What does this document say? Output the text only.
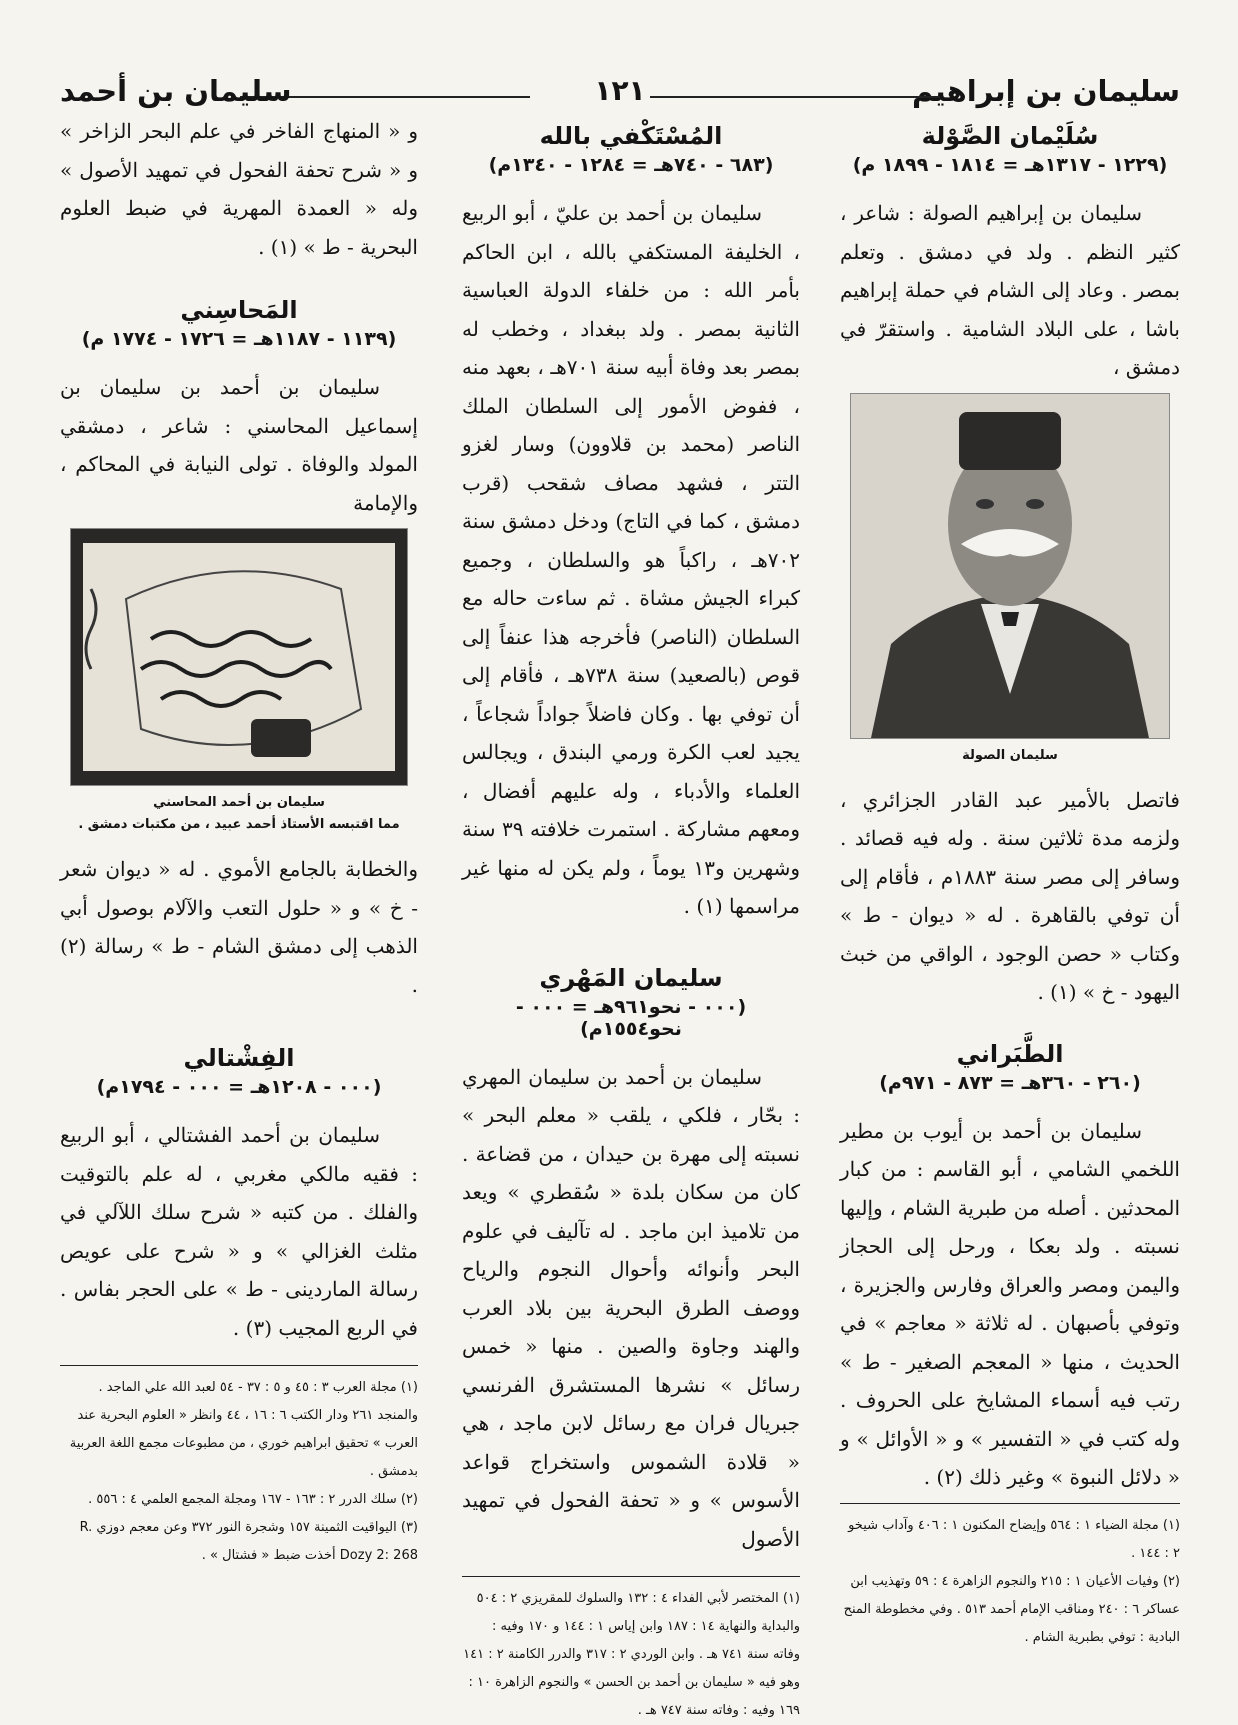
سليمان بن إبراهيم
١٢١
سليمان بن أحمد
سُلَيْمان الصَّوْلة
(١٢٢٩ - ١٣١٧هـ = ١٨١٤ - ١٨٩٩ م)

سليمان بن إبراهيم الصولة : شاعر ، كثير النظم . ولد في دمشق . وتعلم بمصر . وعاد إلى الشام في حملة إبراهيم باشا ، على البلاد الشامية . واستقرّ في دمشق ،

سليمان الصولة

فاتصل بالأمير عبد القادر الجزائري ، ولزمه مدة ثلاثين سنة . وله فيه قصائد . وسافر إلى مصر سنة ١٨٨٣م ، فأقام إلى أن توفي بالقاهرة . له « ديوان - ط » وكتاب « حصن الوجود ، الواقي من خبث اليهود - خ » (١) .

الطَّبَراني
(٢٦٠ - ٣٦٠هـ = ٨٧٣ - ٩٧١م)

سليمان بن أحمد بن أيوب بن مطير اللخمي الشامي ، أبو القاسم : من كبار المحدثين . أصله من طبرية الشام ، وإليها نسبته . ولد بعكا ، ورحل إلى الحجاز واليمن ومصر والعراق وفارس والجزيرة ، وتوفي بأصبهان . له ثلاثة « معاجم » في الحديث ، منها « المعجم الصغير - ط » رتب فيه أسماء المشايخ على الحروف . وله كتب في « التفسير » و « الأوائل » و « دلائل النبوة » وغير ذلك (٢) .

(١) مجلة الضياء ١ : ٥٦٤ وإيضاح المكنون ١ : ٤٠٦ وآداب شيخو ٢ : ١٤٤ .

(٢) وفيات الأعيان ١ : ٢١٥ والنجوم الزاهرة ٤ : ٥٩ وتهذيب ابن عساكر ٦ : ٢٤٠ ومناقب الإمام أحمد ٥١٣ . وفي مخطوطة المنح البادية : توفي بطبرية الشام .

المُسْتَكْفي بالله
(٦٨٣ - ٧٤٠هـ = ١٢٨٤ - ١٣٤٠م)

سليمان بن أحمد بن عليّ ، أبو الربيع ، الخليفة المستكفي بالله ، ابن الحاكم بأمر الله : من خلفاء الدولة العباسية الثانية بمصر . ولد ببغداد ، وخطب له بمصر بعد وفاة أبيه سنة ٧٠١هـ ، بعهد منه ، ففوض الأمور إلى السلطان الملك الناصر (محمد بن قلاوون) وسار لغزو التتر ، فشهد مصاف شقحب (قرب دمشق ، كما في التاج) ودخل دمشق سنة ٧٠٢هـ ، راكباً هو والسلطان ، وجميع كبراء الجيش مشاة . ثم ساءت حاله مع السلطان (الناصر) فأخرجه هذا عنفاً إلى قوص (بالصعيد) سنة ٧٣٨هـ ، فأقام إلى أن توفي بها . وكان فاضلاً جواداً شجاعاً ، يجيد لعب الكرة ورمي البندق ، ويجالس العلماء والأدباء ، وله عليهم أفضال ، ومعهم مشاركة . استمرت خلافته ٣٩ سنة وشهرين و١٣ يوماً ، ولم يكن له منها غير مراسمها (١) .

سليمان المَهْري
(٠٠٠ - نحو٩٦١هـ = ٠٠٠ - نحو١٥٥٤م)

سليمان بن أحمد بن سليمان المهري : بحّار ، فلكي ، يلقب « معلم البحر » نسبته إلى مهرة بن حيدان ، من قضاعة . كان من سكان بلدة « سُقطري » ويعد من تلاميذ ابن ماجد . له تآليف في علوم البحر وأنوائه وأحوال النجوم والرياح ووصف الطرق البحرية بين بلاد العرب والهند وجاوة والصين . منها « خمس رسائل » نشرها المستشرق الفرنسي جبريال فران مع رسائل لابن ماجد ، هي « قلادة الشموس واستخراج قواعد الأسوس » و « تحفة الفحول في تمهيد الأصول

(١) المختصر لأبي الفداء ٤ : ١٣٢ والسلوك للمقريزي ٢ : ٥٠٤ والبداية والنهاية ١٤ : ١٨٧ وابن إياس ١ : ١٤٤ و ١٧٠ وفيه : وفاته سنة ٧٤١ هـ . وابن الوردي ٢ : ٣١٧ والدرر الكامنة ٢ : ١٤١ وهو فيه « سليمان بن أحمد بن الحسن » والنجوم الزاهرة ١٠ : ١٦٩ وفيه : وفاته سنة ٧٤٧ هـ .

و « المنهاج الفاخر في علم البحر الزاخر » و « شرح تحفة الفحول في تمهيد الأصول » وله « العمدة المهرية في ضبط العلوم البحرية - ط » (١) .

المَحاسِني
(١١٣٩ - ١١٨٧هـ = ١٧٢٦ - ١٧٧٤ م)

سليمان بن أحمد بن سليمان بن إسماعيل المحاسني : شاعر ، دمشقي المولد والوفاة . تولى النيابة في المحاكم ، والإمامة

سليمان بن أحمد المحاسني
مما اقتبسه الأستاذ أحمد عبيد ، من مكتبات دمشق .

والخطابة بالجامع الأموي . له « ديوان شعر - خ » و « حلول التعب والآلام بوصول أبي الذهب إلى دمشق الشام - ط » رسالة (٢) .

الفِشْتالي
(٠٠٠ - ١٢٠٨هـ = ٠٠٠ - ١٧٩٤م)

سليمان بن أحمد الفشتالي ، أبو الربيع : فقيه مالكي مغربي ، له علم بالتوقيت والفلك . من كتبه « شرح سلك اللآلي في مثلث الغزالي » و « شرح على عويص رسالة الماردينى - ط » على الحجر بفاس . في الربع المجيب (٣) .

(١) مجلة العرب ٣ : ٤٥ و ٥ : ٣٧ - ٥٤ لعبد الله علي الماجد . والمنجد ٢٦١ ودار الكتب ٦ : ١٦ ، ٤٤ وانظر « العلوم البحرية عند العرب » تحقيق ابراهيم خوري ، من مطبوعات مجمع اللغة العربية بدمشق .

(٢) سلك الدرر ٢ : ١٦٣ - ١٦٧ ومجلة المجمع العلمي ٤ : ٥٥٦ .

(٣) اليواقيت الثمينة ١٥٧ وشجرة النور ٣٧٢ وعن معجم دوزي R. Dozy 2: 268 أخذت ضبط « فشتال » .
